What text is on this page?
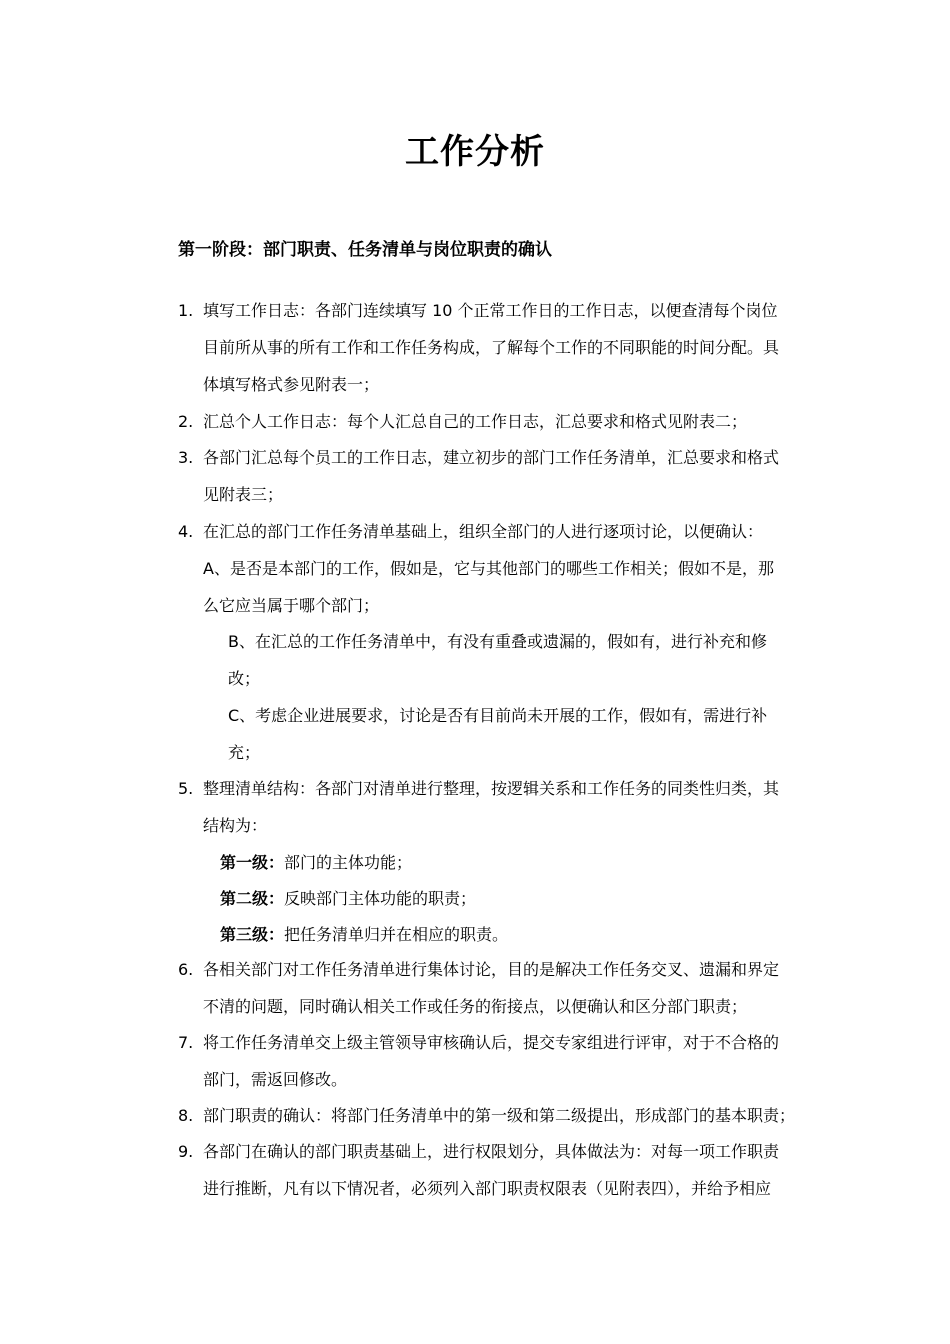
工作分析
第一阶段：部门职责、任务清单与岗位职责的确认
1. 填写工作日志：各部门连续填写 10 个正常工作日的工作日志，以便查清每个岗位
目前所从事的所有工作和工作任务构成，了解每个工作的不同职能的时间分配。具
体填写格式参见附表一；
2. 汇总个人工作日志：每个人汇总自己的工作日志，汇总要求和格式见附表二；
3. 各部门汇总每个员工的工作日志，建立初步的部门工作任务清单，汇总要求和格式
见附表三；
4. 在汇总的部门工作任务清单基础上，组织全部门的人进行逐项讨论，以便确认：
A、是否是本部门的工作，假如是，它与其他部门的哪些工作相关；假如不是，那
么它应当属于哪个部门；
B、在汇总的工作任务清单中，有没有重叠或遗漏的，假如有，进行补充和修
改；
C、考虑企业进展要求，讨论是否有目前尚未开展的工作，假如有，需进行补
充；
5. 整理清单结构：各部门对清单进行整理，按逻辑关系和工作任务的同类性归类，其
结构为：
第一级：部门的主体功能；
第二级：反映部门主体功能的职责；
第三级：把任务清单归并在相应的职责。
6. 各相关部门对工作任务清单进行集体讨论，目的是解决工作任务交叉、遗漏和界定
不清的问题，同时确认相关工作或任务的衔接点，以便确认和区分部门职责；
7. 将工作任务清单交上级主管领导审核确认后，提交专家组进行评审，对于不合格的
部门，需返回修改。
8. 部门职责的确认：将部门任务清单中的第一级和第二级提出，形成部门的基本职责；
9. 各部门在确认的部门职责基础上，进行权限划分，具体做法为：对每一项工作职责
进行推断，凡有以下情况者，必须列入部门职责权限表（见附表四），并给予相应
